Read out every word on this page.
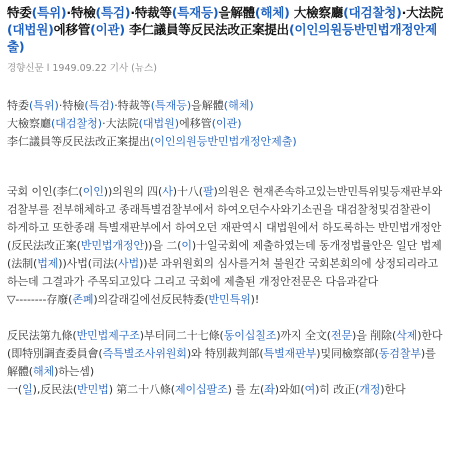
特委(특위)·特檢(특검)·特裁等(특재등)을解體(해체) 大檢察廳(대검찰청)·大法院(대법원)에移管(이관) 李仁議員等反民法改正案提出(이인의원등반민법개정안제출)
경향신문 l 1949.09.22 기사 (뉴스)
特委(특위)·特檢(특검)·特裁等(특재등)을解體(해체)
大檢察廳(대검찰청)·大法院(대법원)에移管(이관)
李仁議員等反民法改正案提出(이인의원등반민법개정안제출)
국회 이인(李仁(이인))의원의 四(사)十八(팔)의원은 현재존속하고있는반민특위및등재판부와 검찰부를 전부해체하고 종래특별검찰부에서 하여오던수사와기소권을 대검찰청및검찰관이 하게하고 또한종래 특별재판부에서 하여오던 재판역시 대법원에서 하도록하는 반민법개정안(反民法改正案(반민법개정안))을 二(이)十일국회에 제출하였는데 동개정법률안은 일단 법제(法制(법제))사법(司法(사법))분 과위원회의 심사를거쳐 불원간 국회본회의에 상정되리라고하는데 그결과가 주목되고있다 그리고 국회에 제출된 개정안전문은 다음과같다
▽--------存廢(존폐)의갈래길에선反民特委(반민특위)!
反民法第九條(반민법제구조)부터同二十七條(동이십칠조)까지 全文(전문)을 削除(삭제)한다(即特別調査委員會(즉특별조사위원회)와 特別裁判部(특별재판부)및同檢察部(동검찰부)를 解體(해체)하는셈)
一(일),反民法(반민법) 第二十八條(제이십팔조) 를 左(좌)와如(여)히 改正(개정)한다
